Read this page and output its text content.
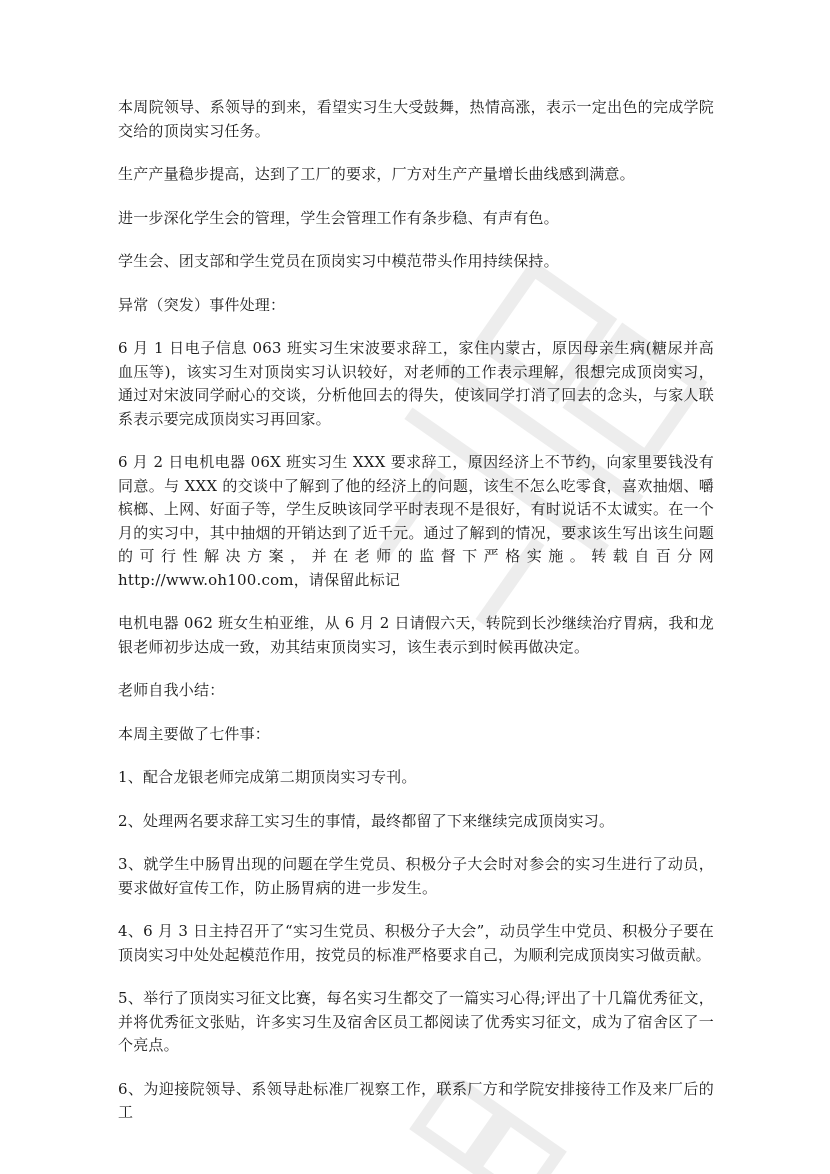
本周院领导、系领导的到来，看望实习生大受鼓舞，热情高涨，表示一定出色的完成学院交给的顶岗实习任务。

生产产量稳步提高，达到了工厂的要求，厂方对生产产量增长曲线感到满意。

进一步深化学生会的管理，学生会管理工作有条步稳、有声有色。

学生会、团支部和学生党员在顶岗实习中模范带头作用持续保持。

异常（突发）事件处理：

6 月 1 日电子信息 063 班实习生宋波要求辞工，家住内蒙古，原因母亲生病(糖尿并高血压等)，该实习生对顶岗实习认识较好，对老师的工作表示理解，很想完成顶岗实习，通过对宋波同学耐心的交谈，分析他回去的得失，使该同学打消了回去的念头，与家人联系表示要完成顶岗实习再回家。

6 月 2 日电机电器 06X 班实习生 XXX 要求辞工，原因经济上不节约，向家里要钱没有同意。与 XXX 的交谈中了解到了他的经济上的问题，该生不怎么吃零食，喜欢抽烟、嚼槟榔、上网、好面子等，学生反映该同学平时表现不是很好，有时说话不太诚实。在一个月的实习中，其中抽烟的开销达到了近千元。通过了解到的情况，要求该生写出该生问题的可行性解决方案，并在老师的监督下严格实施。转载自百分网 http://www.oh100.com，请保留此标记

电机电器 062 班女生柏亚维，从 6 月 2 日请假六天，转院到长沙继续治疗胃病，我和龙银老师初步达成一致，劝其结束顶岗实习，该生表示到时候再做决定。

老师自我小结：

本周主要做了七件事：

1、配合龙银老师完成第二期顶岗实习专刊。

2、处理两名要求辞工实习生的事情，最终都留了下来继续完成顶岗实习。

3、就学生中肠胃出现的问题在学生党员、积极分子大会时对参会的实习生进行了动员，要求做好宣传工作，防止肠胃病的进一步发生。

4、6 月 3 日主持召开了“实习生党员、积极分子大会”，动员学生中党员、积极分子要在顶岗实习中处处起模范作用，按党员的标准严格要求自己，为顺利完成顶岗实习做贡献。

5、举行了顶岗实习征文比赛，每名实习生都交了一篇实习心得;评出了十几篇优秀征文，并将优秀征文张贴，许多实习生及宿舍区员工都阅读了优秀实习征文，成为了宿舍区了一个亮点。

6、为迎接院领导、系领导赴标准厂视察工作，联系厂方和学院安排接待工作及来厂后的工
